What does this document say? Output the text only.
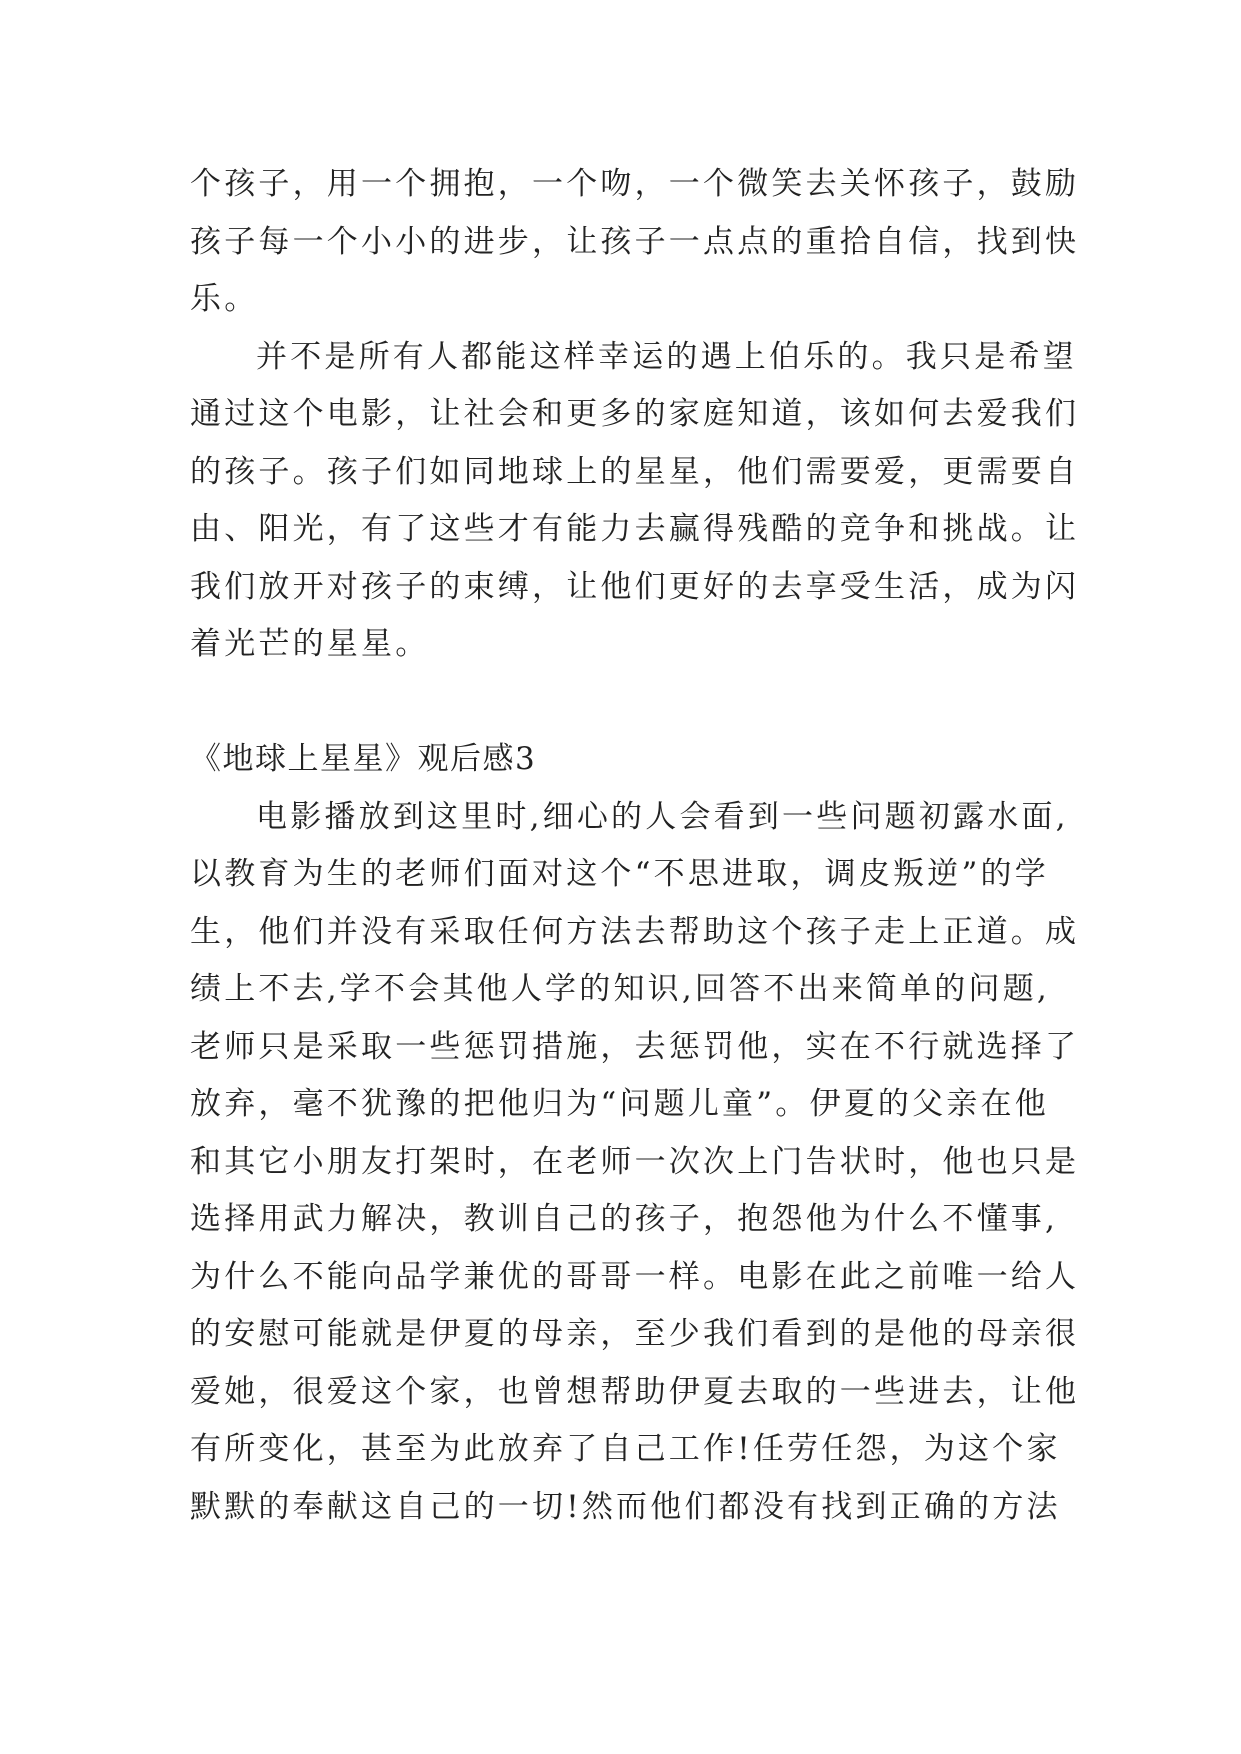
个孩子，用一个拥抱，一个吻，一个微笑去关怀孩子，鼓励
孩子每一个小小的进步，让孩子一点点的重拾自信，找到快
乐。
并不是所有人都能这样幸运的遇上伯乐的。我只是希望
通过这个电影，让社会和更多的家庭知道，该如何去爱我们
的孩子。孩子们如同地球上的星星，他们需要爱，更需要自
由、阳光，有了这些才有能力去赢得残酷的竞争和挑战。让
我们放开对孩子的束缚，让他们更好的去享受生活，成为闪
着光芒的星星。
《地球上星星》观后感3
电影播放到这里时,细心的人会看到一些问题初露水面,
以教育为生的老师们面对这个“不思进取，调皮叛逆”的学
生，他们并没有采取任何方法去帮助这个孩子走上正道。成
绩上不去,学不会其他人学的知识,回答不出来简单的问题,
老师只是采取一些惩罚措施，去惩罚他，实在不行就选择了
放弃，毫不犹豫的把他归为“问题儿童”。伊夏的父亲在他
和其它小朋友打架时，在老师一次次上门告状时，他也只是
选择用武力解决，教训自己的孩子，抱怨他为什么不懂事,
为什么不能向品学兼优的哥哥一样。电影在此之前唯一给人
的安慰可能就是伊夏的母亲，至少我们看到的是他的母亲很
爱她，很爱这个家，也曾想帮助伊夏去取的一些进去，让他
有所变化，甚至为此放弃了自己工作!任劳任怨，为这个家
默默的奉献这自己的一切!然而他们都没有找到正确的方法
